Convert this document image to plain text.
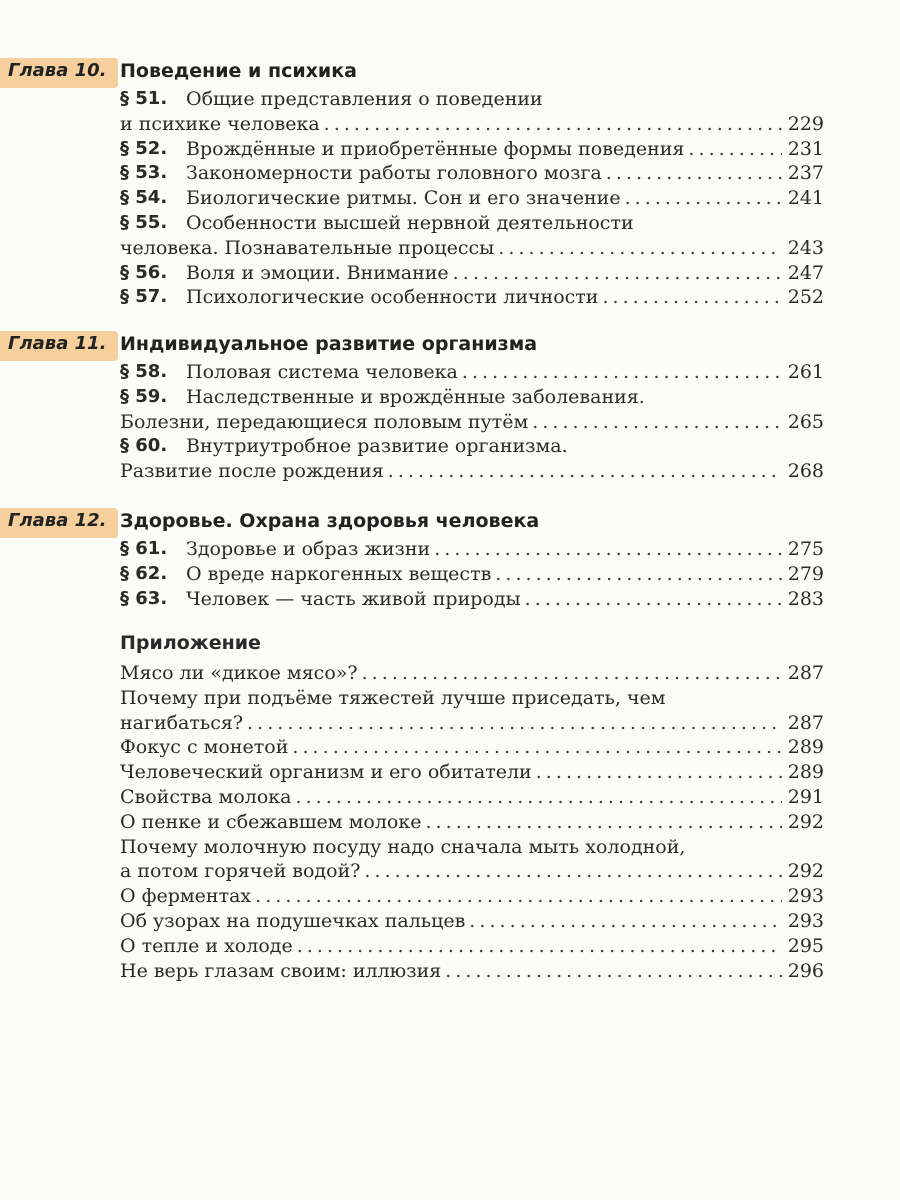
Глава 10. Поведение и психика
§ 51. Общие представления о поведении
и психике человека . . .	229
§ 52. Врождённые и приобретённые формы поведения . . .	231
§ 53. Закономерности работы головного мозга . . .	237
§ 54. Биологические ритмы. Сон и его значение . . .	241
§ 55. Особенности высшей нервной деятельности
человека. Познавательные процессы . . .	243
§ 56. Воля и эмоции. Внимание . . .	247
§ 57. Психологические особенности личности . . .	252
Глава 11. Индивидуальное развитие организма
§ 58. Половая система человека . . .	261
§ 59. Наследственные и врождённые заболевания.
Болезни, передающиеся половым путём . . .	265
§ 60. Внутриутробное развитие организма.
Развитие после рождения . . .	268
Глава 12. Здоровье. Охрана здоровья человека
§ 61. Здоровье и образ жизни . . .	275
§ 62. О вреде наркогенных веществ . . .	279
§ 63. Человек — часть живой природы . . .	283
Приложение
Мясо ли «дикое мясо»? . . .	287
Почему при подъёме тяжестей лучше приседать, чем
нагибаться? . . .	287
Фокус с монетой . . .	289
Человеческий организм и его обитатели . . .	289
Свойства молока . . .	291
О пенке и сбежавшем молоке . . .	292
Почему молочную посуду надо сначала мыть холодной,
а потом горячей водой? . . .	292
О ферментах . . .	293
Об узорах на подушечках пальцев . . .	293
О тепле и холоде . . .	295
Не верь глазам своим: иллюзия . . .	296
